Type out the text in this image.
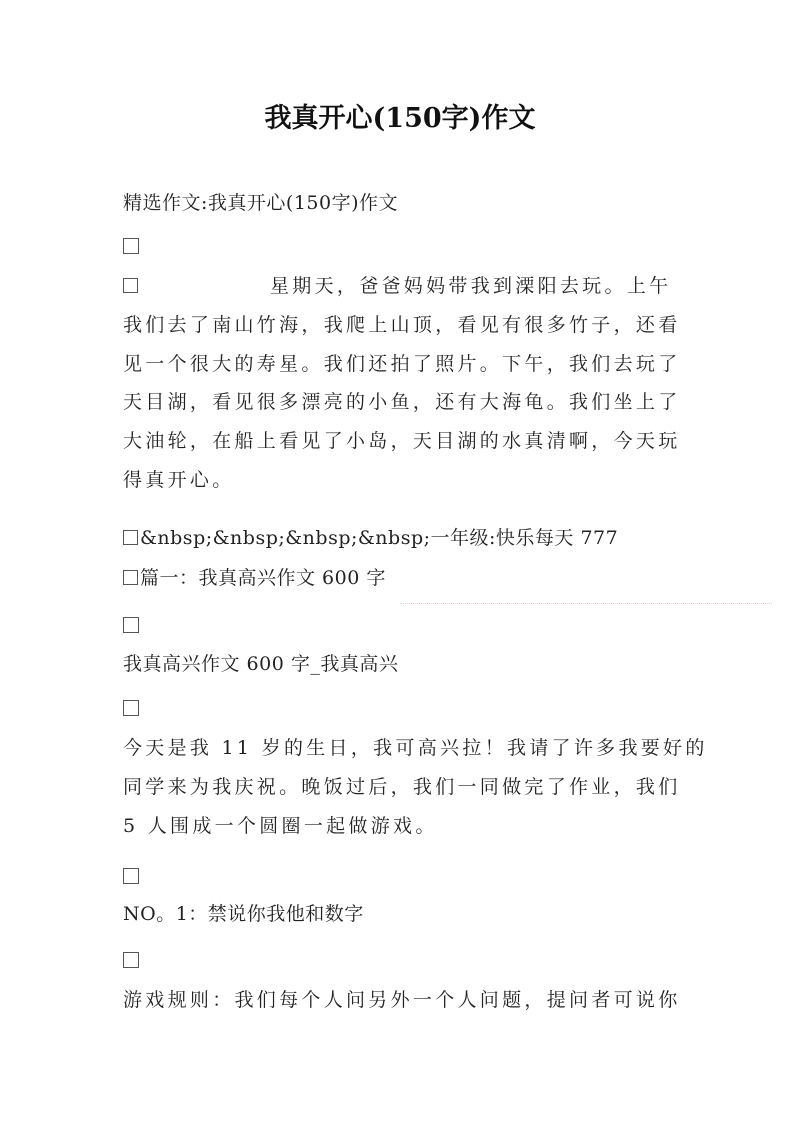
我真开心(150字)作文
精选作文:我真开心(150字)作文
星期天，爸爸妈妈带我到溧阳去玩。上午
我们去了南山竹海，我爬上山顶，看见有很多竹子，还看
见一个很大的寿星。我们还拍了照片。下午，我们去玩了
天目湖，看见很多漂亮的小鱼，还有大海龟。我们坐上了
大油轮，在船上看见了小岛，天目湖的水真清啊，今天玩
得真开心。
&nbsp;&nbsp;&nbsp;&nbsp;一年级:快乐每天 777
篇一：我真高兴作文 600 字
我真高兴作文 600 字_我真高兴
今天是我 11 岁的生日，我可高兴拉！我请了许多我要好的
同学来为我庆祝。晚饭过后，我们一同做完了作业，我们
5 人围成一个圆圈一起做游戏。
NO。1：禁说你我他和数字
游戏规则：我们每个人问另外一个人问题，提问者可说你
